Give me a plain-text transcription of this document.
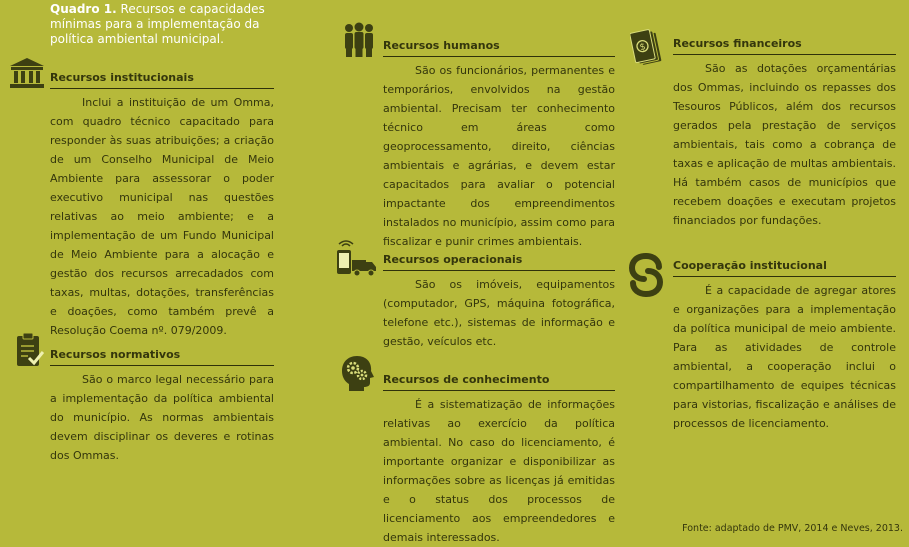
Quadro 1. Recursos e capacidades mínimas para a implementação da política ambiental municipal.
Recursos institucionais
Inclui a instituição de um Omma, com quadro técnico capacitado para responder às suas atribuições; a criação de um Conselho Municipal de Meio Ambiente para assessorar o poder executivo municipal nas questões relativas ao meio ambiente; e a implementação de um Fundo Municipal de Meio Ambiente para a alocação e gestão dos recursos arrecadados com taxas, multas, dotações, transferências e doações, como também prevê a Resolução Coema nº. 079/2009.
Recursos normativos
São o marco legal necessário para a implementação da política ambiental do município. As normas ambientais devem disciplinar os deveres e rotinas dos Ommas.
Recursos humanos
São os funcionários, permanentes e temporários, envolvidos na gestão ambiental. Precisam ter conhecimento técnico em áreas como geoprocessamento, direito, ciências ambientais e agrárias, e devem estar capacitados para avaliar o potencial impactante dos empreendimentos instalados no município, assim como para fiscalizar e punir crimes ambientais.
Recursos operacionais
São os imóveis, equipamentos (computador, GPS, máquina fotográfica, telefone etc.), sistemas de informação e gestão, veículos etc.
Recursos de conhecimento
É a sistematização de informações relativas ao exercício da política ambiental. No caso do licenciamento, é importante organizar e disponibilizar as informações sobre as licenças já emitidas e o status dos processos de licenciamento aos empreendedores e demais interessados.
$ Recursos financeiros
São as dotações orçamentárias dos Ommas, incluindo os repasses dos Tesouros Públicos, além dos recursos gerados pela prestação de serviços ambientais, tais como a cobrança de taxas e aplicação de multas ambientais. Há também casos de municípios que recebem doações e executam projetos financiados por fundações.
Cooperação institucional
É a capacidade de agregar atores e organizações para a implementação da política municipal de meio ambiente. Para as atividades de controle ambiental, a cooperação inclui o compartilhamento de equipes técnicas para vistorias, fiscalização e análises de processos de licenciamento.
Fonte: adaptado de PMV, 2014 e Neves, 2013.
